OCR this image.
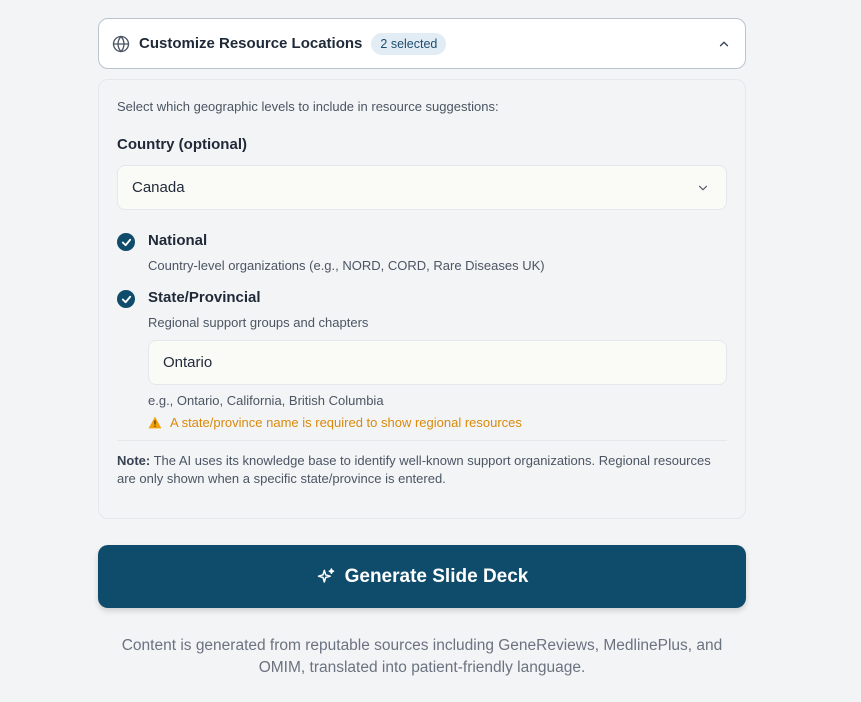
Customize Resource Locations	2 selected
Select which geographic levels to include in resource suggestions:
Country (optional)
Canada
National
Country-level organizations (e.g., NORD, CORD, Rare Diseases UK)
State/Provincial
Regional support groups and chapters
Ontario
e.g., Ontario, California, British Columbia
A state/province name is required to show regional resources
Note: The AI uses its knowledge base to identify well-known support organizations. Regional resources are only shown when a specific state/province is entered.
Generate Slide Deck
Content is generated from reputable sources including GeneReviews, MedlinePlus, and OMIM, translated into patient-friendly language.
